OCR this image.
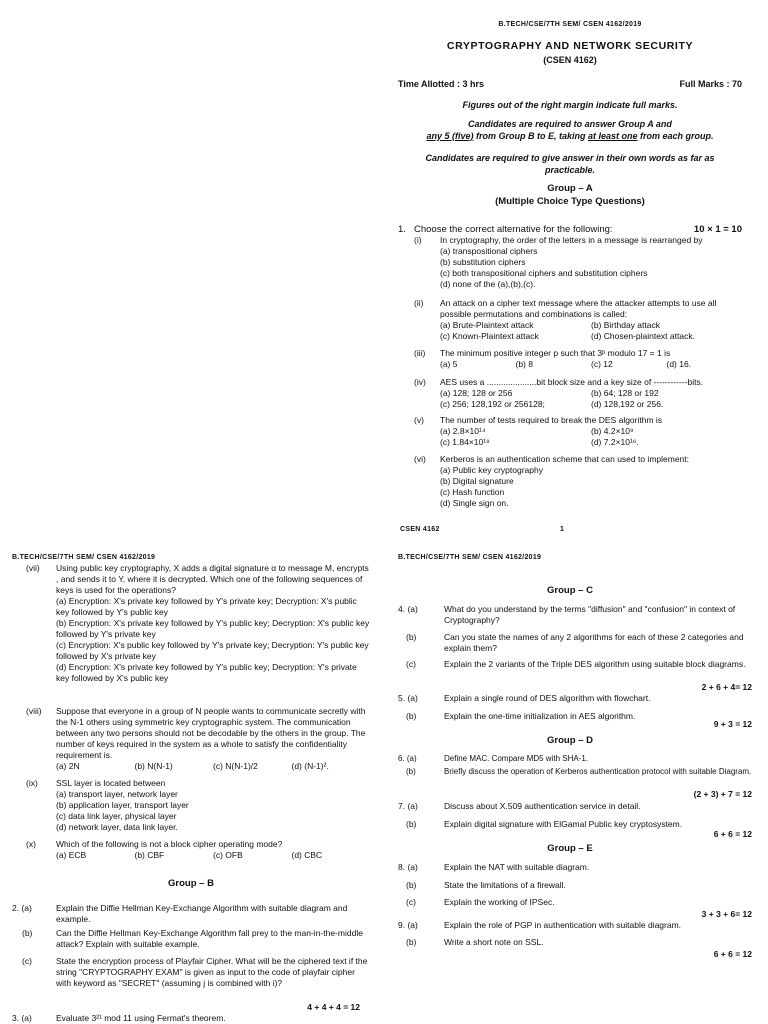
B.TECH/CSE/7TH SEM/ CSEN 4162/2019
CRYPTOGRAPHY AND NETWORK SECURITY
(CSEN 4162)
Time Allotted : 3 hrs	Full Marks : 70
Figures out of the right margin indicate full marks.
Candidates are required to answer Group A and
any 5 (five) from Group B to E, taking at least one from each group.
Candidates are required to give answer in their own words as far as practicable.
Group – A
(Multiple Choice Type Questions)
1. Choose the correct alternative for the following:	10 × 1 = 10
(i)	In cryptography, the order of the letters in a message is rearranged by
(a) transpositional ciphers
(b) substitution ciphers
(c) both transpositional ciphers and substitution ciphers
(d) none of the (a),(b),(c).
(ii)	An attack on a cipher text message where the attacker attempts to use all possible permutations and combinations is called:
(a) Brute-Plaintext attack	(b) Birthday attack
(c) Known-Plaintext attack	(d) Chosen-plaintext attack.
(iii)	The minimum positive integer p such that 3ᵖ modulo 17 = 1 is
(a) 5	(b) 8	(c) 12	(d) 16.
(iv)	AES uses a .....................bit block size and a key size of ------------bits.
(a) 128; 128 or 256	(b) 64; 128 or 192
(c) 256; 128,192 or 256128;	(d) 128,192 or 256.
(v)	The number of tests required to break the DES algorithm is
(a) 2.8×10¹⁴	(b) 4.2×10⁹
(c) 1.84×10¹⁹	(d) 7.2×10¹⁶.
(vi)	Kerberos is an authentication scheme that can used to implement:
(a) Public key cryptography
(b) Digital signature
(c) Hash function
(d) Single sign on.
CSEN 4162	1
B.TECH/CSE/7TH SEM/ CSEN 4162/2019
(vii)	Using public key cryptography, X adds a digital signature α to message M, encrypts , and sends it to Y, where it is decrypted. Which one of the following sequences of keys is used for the operations?
(a) Encryption: X's private key followed by Y's private key; Decryption: X's public key followed by Y's public key
(b) Encryption: X's private key followed by Y's public key; Decryption: X's public key followed by Y's private key
(c) Encryption: X's public key followed by Y's private key; Decryption: Y's public key followed by X's private key
(d) Encryption: X's private key followed by Y's public key; Decryption: Y's private key followed by X's public key
(viii)	Suppose that everyone in a group of N people wants to communicate secretly with the N-1 others using symmetric key cryptographic system. The communication between any two persons should not be decodable by the others in the group. The number of keys required in the system as a whole to satisfy the confidentiality requirement is.
(a) 2N	(b) N(N-1)	(c) N(N-1)/2	(d) (N-1)².
(ix)	SSL layer is located between
(a) transport layer, network layer
(b) application layer, transport layer
(c) data link layer, physical layer
(d) network layer, data link layer.
(x)	Which of the following is not a block cipher operating mode?
(a) ECB	(b) CBF	(c) OFB	(d) CBC
Group – B
2. (a)	Explain the Diffie Hellman Key-Exchange Algorithm with suitable diagram and example.
(b)	Can the Diffie Hellman Key-Exchange Algorithm fall prey to the man-in-the-middle attack? Explain with suitable example.
(c)	State the encryption process of Playfair Cipher. What will be the ciphered text if the string "CRYPTOGRAPHY EXAM" is given as input to the code of playfair cipher with keyword as "SECRET" (assuming j is combined with i)?
4 + 4 + 4 = 12
3. (a)	Evaluate 3²¹ mod 11 using Fermat's theorem.
B.TECH/CSE/7TH SEM/ CSEN 4162/2019
Group – C
4. (a)	What do you understand by the terms "diffusion" and "confusion" in context of Cryptography?
(b)	Can you state the names of any 2 algorithms for each of these 2 categories and explain them?
(c)	Explain the 2 variants of the Triple DES algorithm using suitable block diagrams.
2 + 6 + 4= 12
5. (a)	Explain a single round of DES algorithm with flowchart.
(b)	Explain the one-time initialization in AES algorithm.
9 + 3 = 12
Group – D
6. (a)	Define MAC. Compare MD5 with SHA-1.
(b)	Briefly discuss the operation of Kerberos authentication protocol with suitable Diagram.
(2 + 3) + 7 = 12
7. (a)	Discuss about X.509 authentication service in detail.
(b)	Explain digital signature with ElGamal Public key cryptosystem.
6 + 6 = 12
Group – E
8. (a)	Explain the NAT with suitable diagram.
(b)	State the limitations of a firewall.
(c)	Explain the working of IPSec.
3 + 3 + 6= 12
9. (a)	Explain the role of PGP in authentication with suitable diagram.
(b)	Write a short note on SSL.
6 + 6 = 12
